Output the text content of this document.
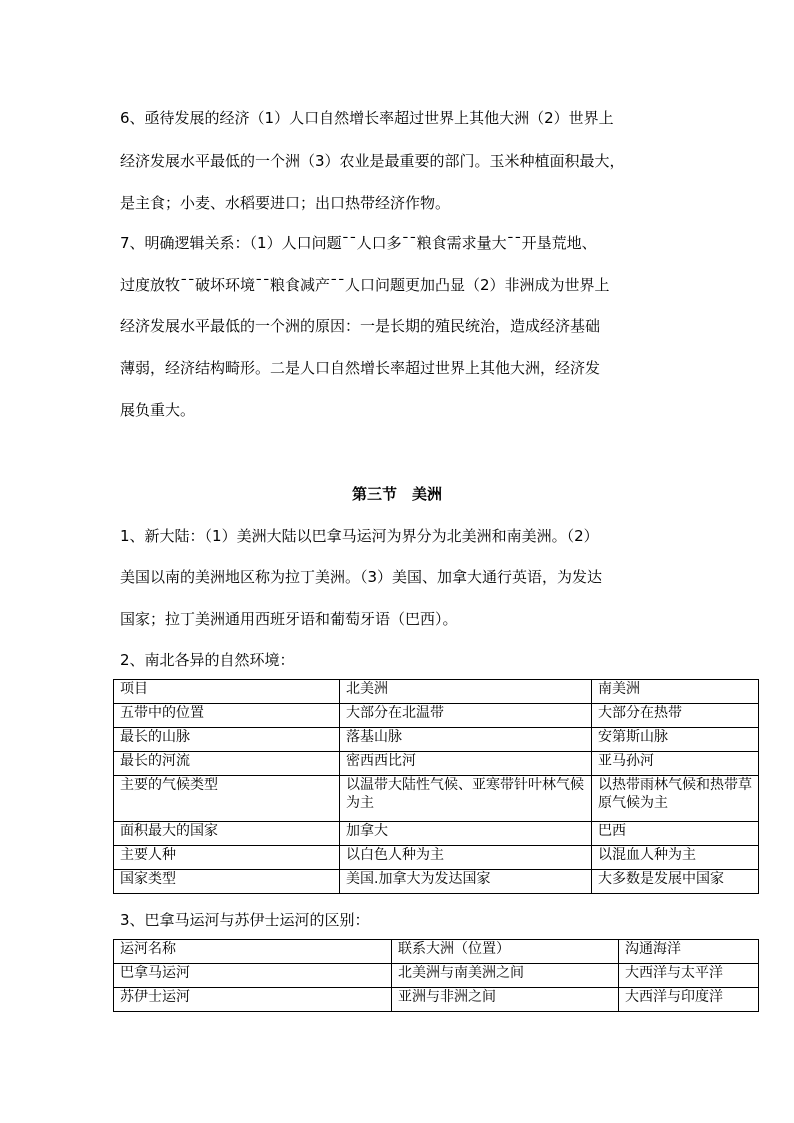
6、亟待发展的经济（1）人口自然增长率超过世界上其他大洲（2）世界上

经济发展水平最低的一个洲（3）农业是最重要的部门。玉米种植面积最大，

是主食；小麦、水稻要进口；出口热带经济作物。

7、明确逻辑关系：（1）人口问题¯¯人口多¯¯粮食需求量大¯¯开垦荒地、

过度放牧¯¯破坏环境¯¯粮食减产¯¯人口问题更加凸显（2）非洲成为世界上

经济发展水平最低的一个洲的原因：一是长期的殖民统治，造成经济基础

薄弱，经济结构畸形。二是人口自然增长率超过世界上其他大洲，经济发

展负重大。

第三节　美洲

1、新大陆：（1）美洲大陆以巴拿马运河为界分为北美洲和南美洲。（2）

美国以南的美洲地区称为拉丁美洲。（3）美国、加拿大通行英语，为发达

国家；拉丁美洲通用西班牙语和葡萄牙语（巴西）。

2、南北各异的自然环境：

项目	北美洲	南美洲
五带中的位置	大部分在北温带	大部分在热带
最长的山脉	落基山脉	安第斯山脉
最长的河流	密西西比河	亚马孙河
主要的气候类型	以温带大陆性气候、亚寒带针叶林气候为主	以热带雨林气候和热带草原气候为主
面积最大的国家	加拿大	巴西
主要人种	以白色人种为主	以混血人种为主
国家类型	美国.加拿大为发达国家	大多数是发展中国家

3、巴拿马运河与苏伊士运河的区别：

运河名称	联系大洲（位置）	沟通海洋
巴拿马运河	北美洲与南美洲之间	大西洋与太平洋
苏伊士运河	亚洲与非洲之间	大西洋与印度洋
